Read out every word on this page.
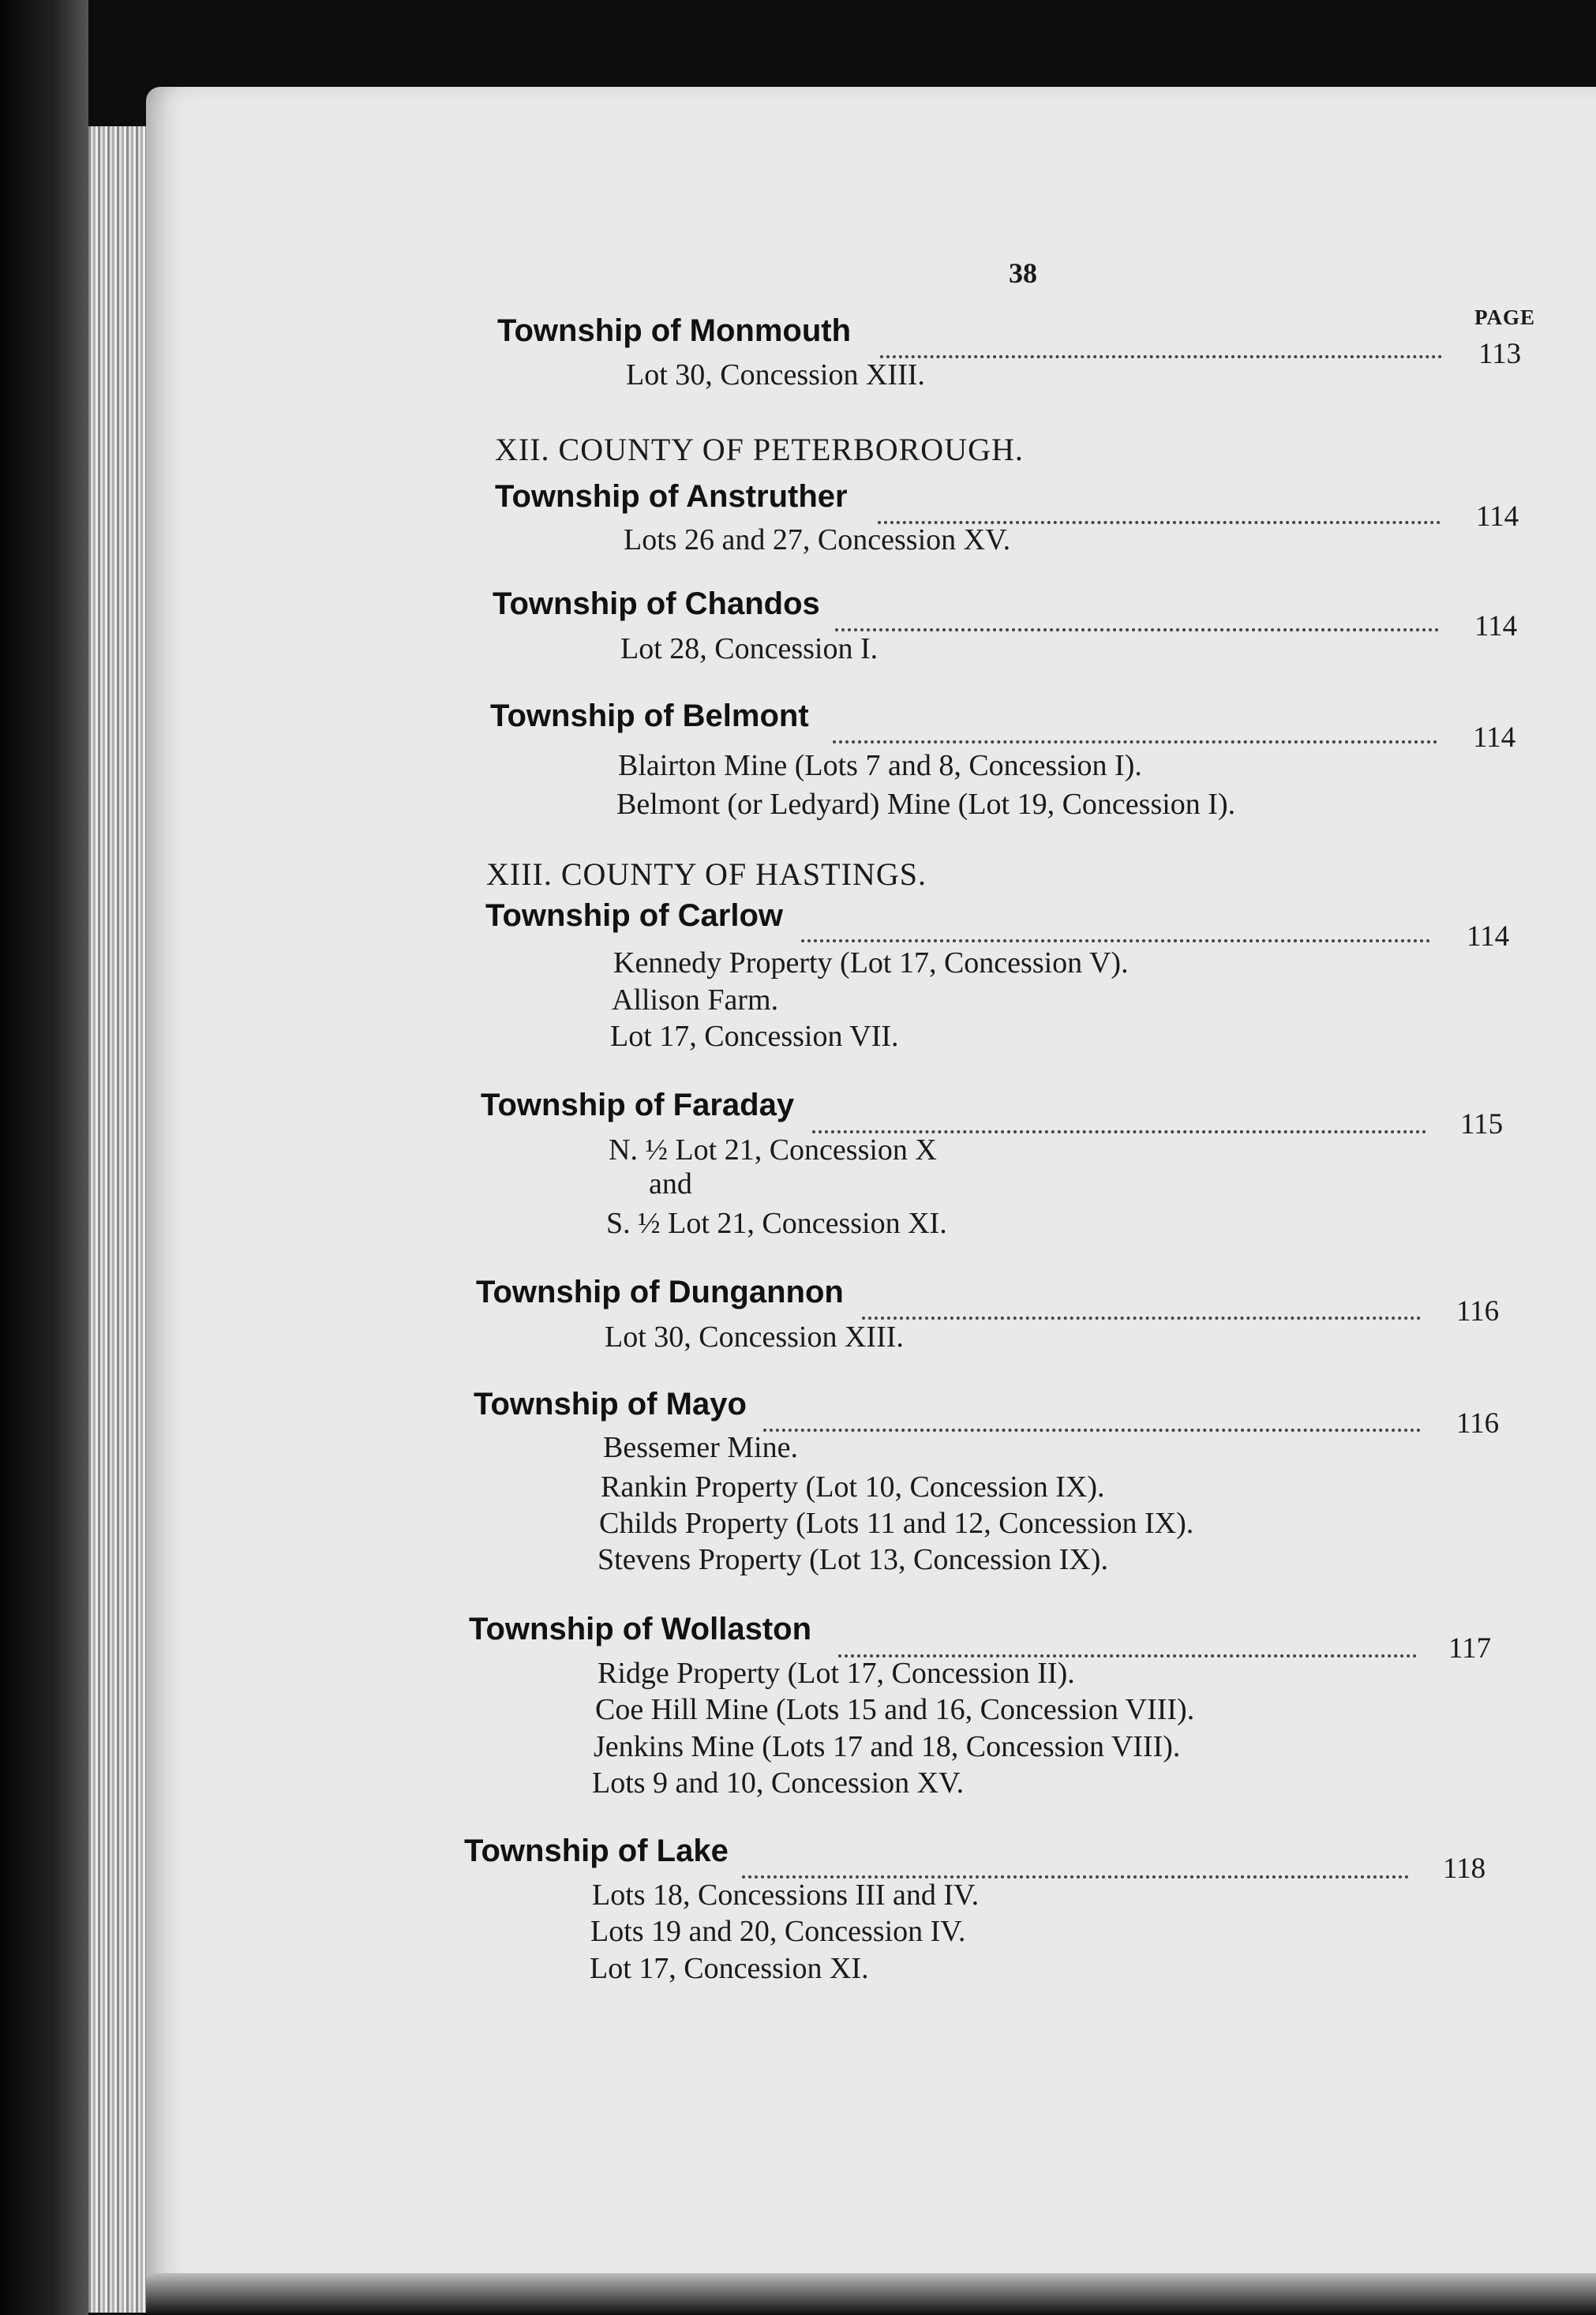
38
PAGE
Township of Monmouth
113
Lot 30, Concession XIII.
XII. COUNTY OF PETERBOROUGH.
Township of Anstruther
114
Lots 26 and 27, Concession XV.
Township of Chandos
114
Lot 28, Concession I.
Township of Belmont
114
Blairton Mine (Lots 7 and 8, Concession I).
Belmont (or Ledyard) Mine (Lot 19, Concession I).
XIII. COUNTY OF HASTINGS.
Township of Carlow
114
Kennedy Property (Lot 17, Concession V).
Allison Farm.
Lot 17, Concession VII.
Township of Faraday
115
N. ½ Lot 21, Concession X
and
S. ½ Lot 21, Concession XI.
Township of Dungannon
116
Lot 30, Concession XIII.
Township of Mayo
116
Bessemer Mine.
Rankin Property (Lot 10, Concession IX).
Childs Property (Lots 11 and 12, Concession IX).
Stevens Property (Lot 13, Concession IX).
Township of Wollaston
117
Ridge Property (Lot 17, Concession II).
Coe Hill Mine (Lots 15 and 16, Concession VIII).
Jenkins Mine (Lots 17 and 18, Concession VIII).
Lots 9 and 10, Concession XV.
Township of Lake
118
Lots 18, Concessions III and IV.
Lots 19 and 20, Concession IV.
Lot 17, Concession XI.
